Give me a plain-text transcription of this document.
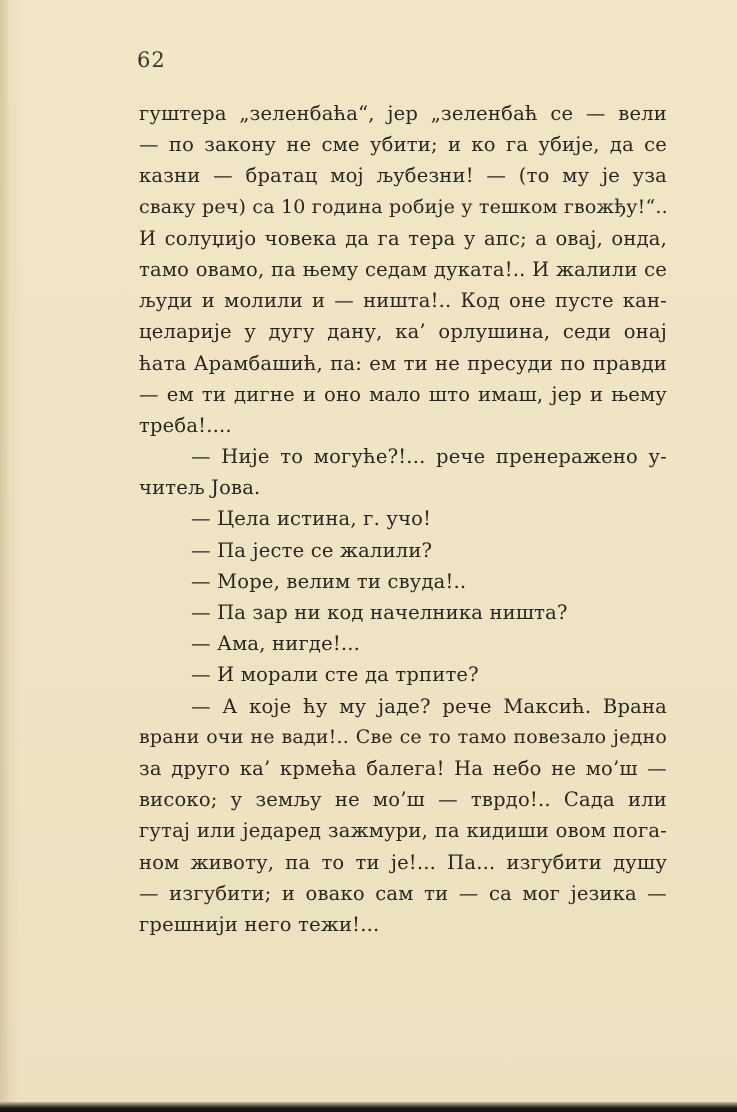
62
гуштера „зеленбаћа“, јер „зеленбаћ се — вели
— по закону не сме убити; и ко га убије, да се
казни — братац мој љубезни! — (то му је уза
сваку реч) са 10 година робије у тешком гвожђу!“..
И солуџијо човека да га тера у апс; а овај, онда,
тамо овамо, па њему седам дуката!.. И жалили се
људи и молили и — ништа!.. Код оне пусте кан-
целарије у дугу дану, ка’ орлушина, седи онај
ћата Арамбашић, па: ем ти не пресуди по правди
— ем ти дигне и оно мало што имаш, јер и њему
треба!....
— Није то могуће?!... рече пренеражено у-
читељ Јова.
— Цела истина, г. учо!
— Па јесте се жалили?
— Море, велим ти свуда!..
— Па зар ни код начелника ништа?
— Ама, нигде!...
— И морали сте да трпите?
— А које ћу му јаде? рече Максић. Врана
врани очи не вади!.. Све се то тамо повезало једно
за друго ка’ крмећа балега! На небо не мо’ш —
високо; у земљу не мо’ш — тврдо!.. Сада или
гутај или једаред зажмури, па кидиши овом пога-
ном животу, па то ти је!... Па... изгубити душу
— изгубити; и овако сам ти — са мог језика —
грешнији него тежи!...
